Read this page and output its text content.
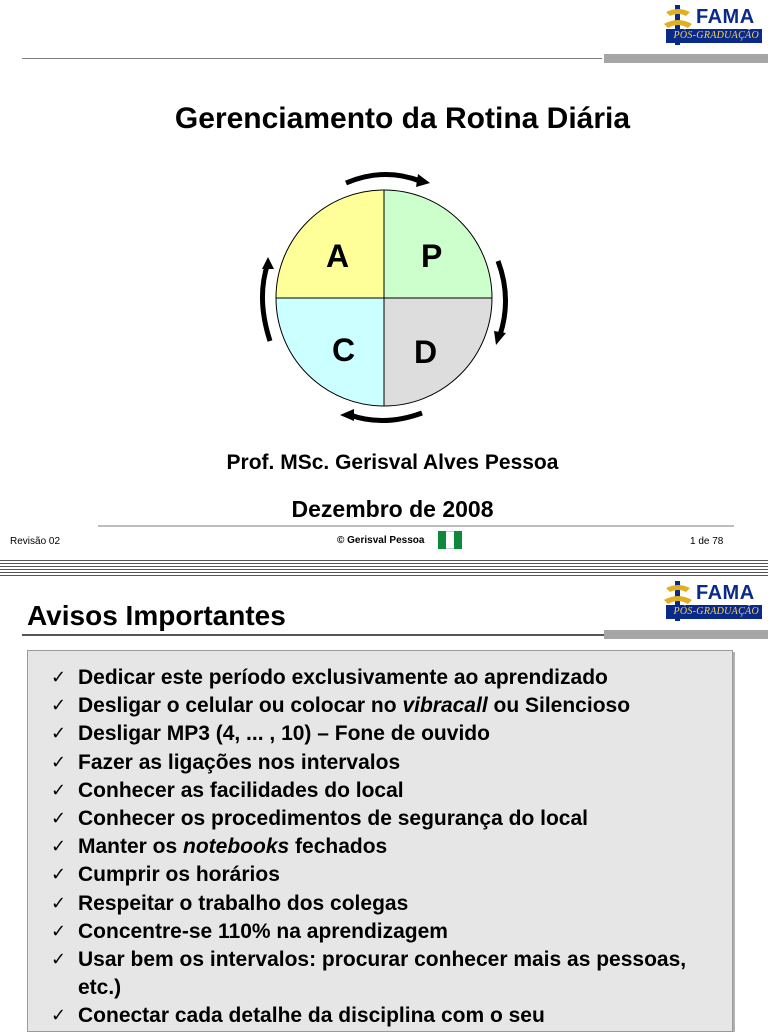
FAMA
PÓS-GRADUAÇÃO
Gerenciamento da Rotina Diária
A P
C D
Prof. MSc. Gerisval Alves Pessoa
Dezembro de 2008
Revisão 02	© Gerisval Pessoa	1 de 78
FAMA
PÓS-GRADUAÇÃO
Avisos Importantes
✓ Dedicar este período exclusivamente ao aprendizado
✓ Desligar o celular ou colocar no vibracall ou Silencioso
✓ Desligar MP3 (4, ... , 10) – Fone de ouvido
✓ Fazer as ligações nos intervalos
✓ Conhecer as facilidades do local
✓ Conhecer os procedimentos de segurança do local
✓ Manter os notebooks fechados
✓ Cumprir os horários
✓ Respeitar o trabalho dos colegas
✓ Concentre-se 110% na aprendizagem
✓ Usar bem os intervalos: procurar conhecer mais as pessoas, etc.)
✓ Conectar cada detalhe da disciplina com o seu
